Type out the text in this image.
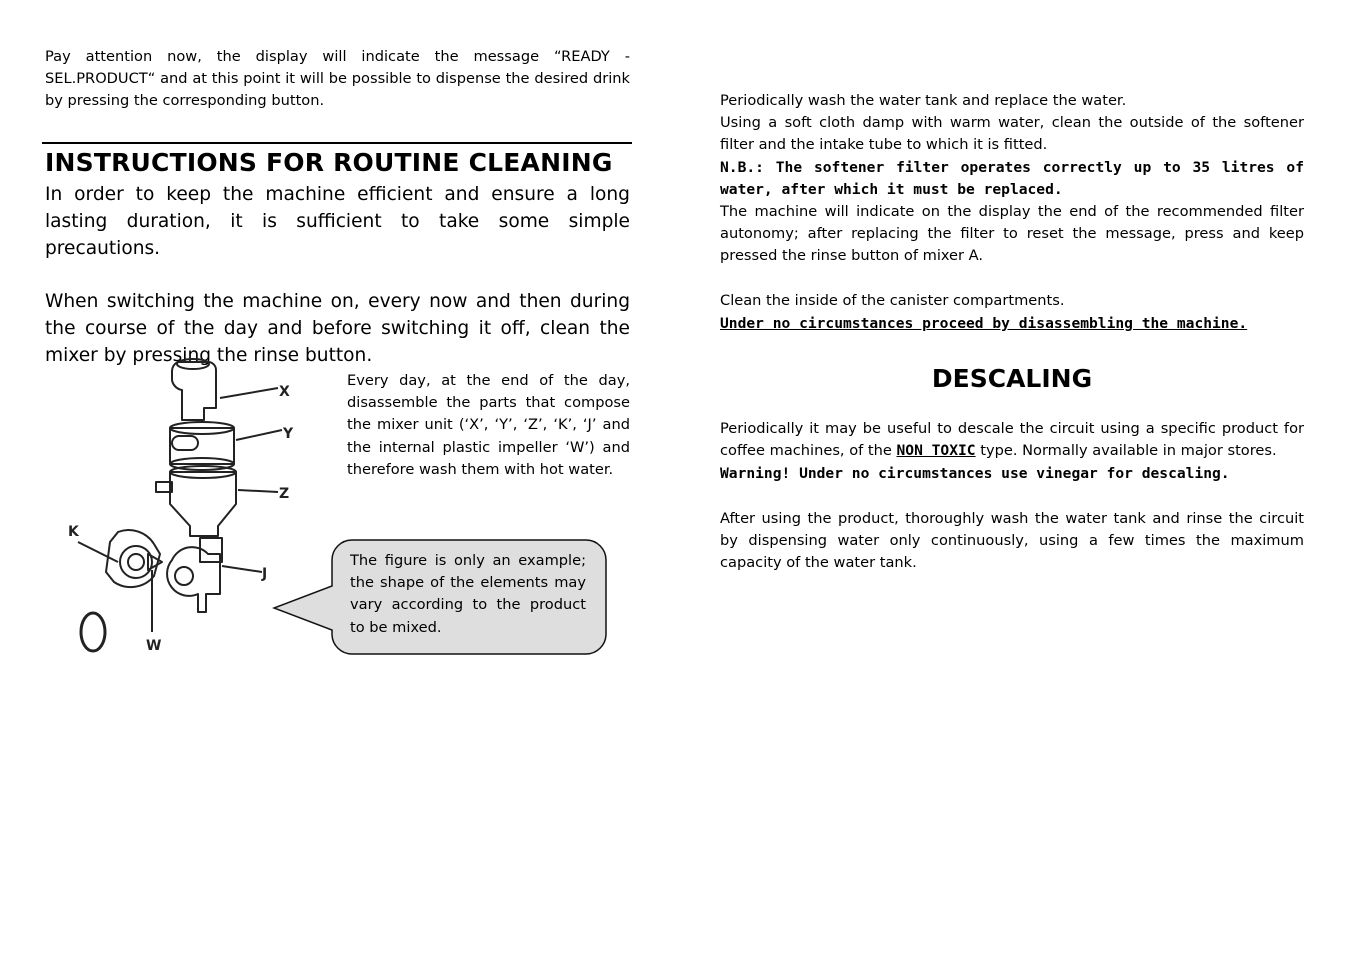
Pay attention now, the display will indicate the message “READY - SEL.PRODUCT“ and at this point it will be possible to dispense the desired drink by pressing the corresponding button.

INSTRUCTIONS FOR ROUTINE CLEANING

In order to keep the machine efficient and ensure a long lasting duration, it is sufficient to take some simple precautions.

When switching the machine on, every now and then during the course of the day and before switching it off, clean the mixer by pressing the rinse button.

Every day, at the end of the day, disassemble the parts that compose the mixer unit (‘X’, ‘Y’, ‘Z’, ‘K’, ‘J’ and the internal plastic impeller ‘W’) and therefore wash them with hot water.

X
Y
Z
K
J
W

The figure is only an example; the shape of the elements may vary according to the product to be mixed.

Periodically wash the water tank and replace the water.

Using a soft cloth damp with warm water, clean the outside of the softener filter and the intake tube to which it is fitted.

N.B.: The softener filter operates correctly up to 35 litres of water, after which it must be replaced.

The machine will indicate on the display the end of the recommended filter autonomy; after replacing the filter to reset the message, press and keep pressed the rinse button of mixer A.

Clean the inside of the canister compartments.

Under no circumstances proceed by disassembling the machine.

DESCALING

Periodically it may be useful to descale the circuit using a specific product for coffee machines, of the NON TOXIC type. Normally available in major stores.

Warning! Under no circumstances use vinegar for descaling.

After using the product, thoroughly wash the water tank and rinse the circuit by dispensing water only continuously, using a few times the maximum capacity of the water tank.
